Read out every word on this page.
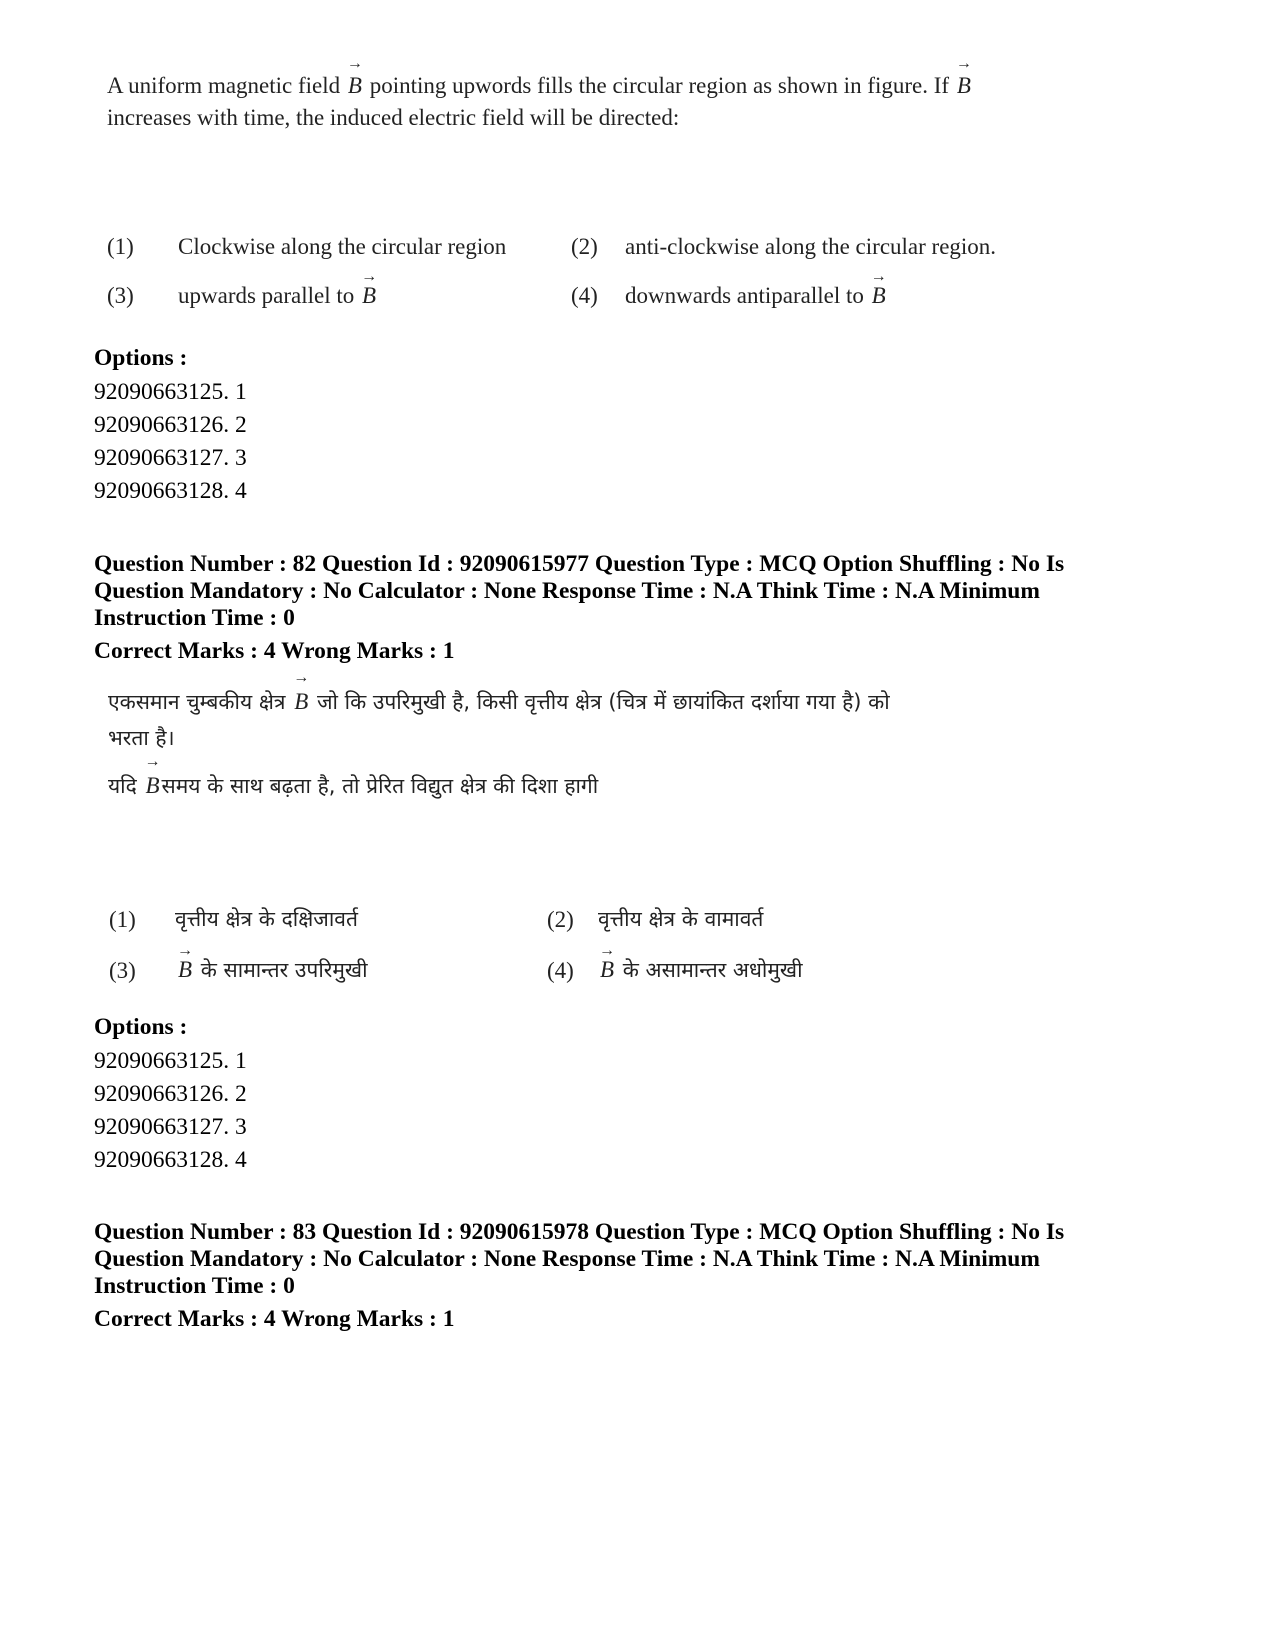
A uniform magnetic field
→
B pointing upwords fills the circular region as shown in figure. If
→
B
increases with time, the induced electric field will be directed:
(1) Clockwise along the circular region	(2) anti-clockwise along the circular region.
(3) upwards parallel to
→
B	(4) downwards antiparallel to
→
B
Options :
92090663125. 1
92090663126. 2
92090663127. 3
92090663128. 4
Question Number : 82 Question Id : 92090615977 Question Type : MCQ Option Shuffling : No Is
Question Mandatory : No Calculator : None Response Time : N.A Think Time : N.A Minimum
Instruction Time : 0
Correct Marks : 4 Wrong Marks : 1
एकसमान चुम्बकीय क्षेत्र
→
B जो कि उपरिमुखी है, किसी वृत्तीय क्षेत्र (चित्र में छायांकित दर्शाया गया है) को
भरता है।
यदि
→
Bसमय के साथ बढ़ता है, तो प्रेरित विद्युत क्षेत्र की दिशा हागी
(1) वृत्तीय क्षेत्र के दक्षिजावर्त	(2) वृत्तीय क्षेत्र के वामावर्त
(3)
→
B के सामान्तर उपरिमुखी	(4)
→
B के असामान्तर अधोमुखी
Options :
92090663125. 1
92090663126. 2
92090663127. 3
92090663128. 4
Question Number : 83 Question Id : 92090615978 Question Type : MCQ Option Shuffling : No Is
Question Mandatory : No Calculator : None Response Time : N.A Think Time : N.A Minimum
Instruction Time : 0
Correct Marks : 4 Wrong Marks : 1
